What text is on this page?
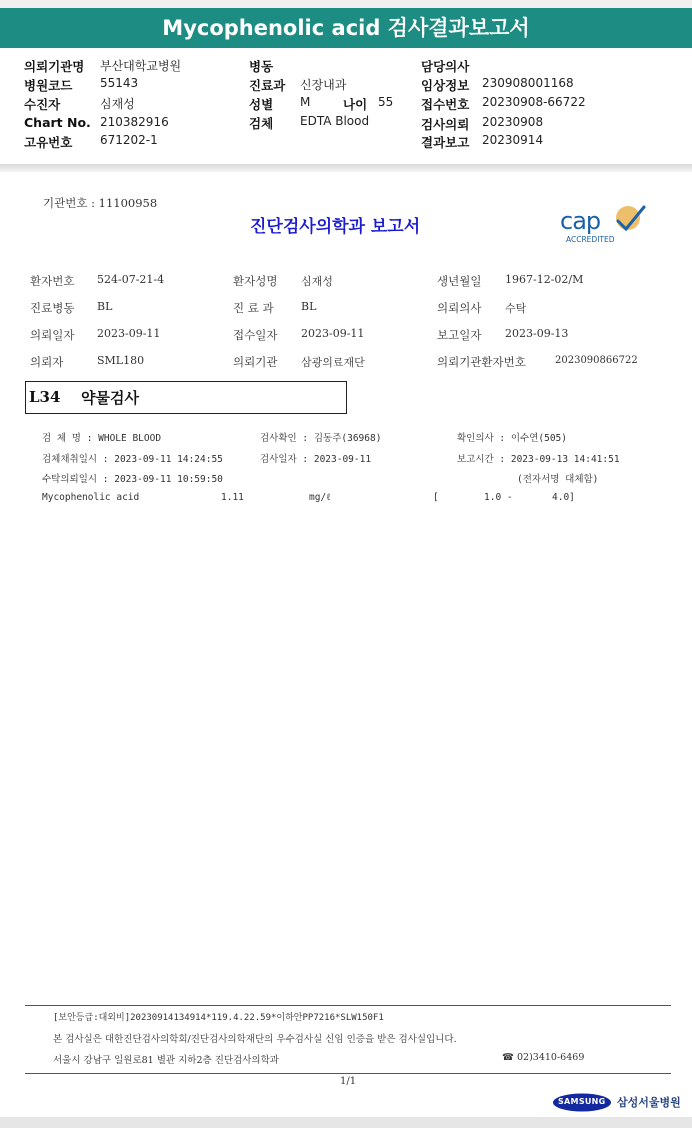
Mycophenolic acid 검사결과보고서
의뢰기관명 부산대학교병원
병원코드 55143
수진자	심재성
Chart No. 210382916
고유번호 671202-1
병동
진료과 신장내과
성별 M	나이 55
검체 EDTA Blood
담당의사
임상정보 230908001168
접수번호 20230908-66722
검사의뢰 20230908
결과보고 20230914
기관번호 : 11100958
진단검사의학과 보고서	cap
ACCREDITED
환자번호 524-07-21-4	환자성명 심재성	생년월일 1967-12-02/M
진료병동 BL	진 료 과 BL	의뢰의사 수탁
의뢰일자 2023-09-11	접수일자 2023-09-11	보고일자 2023-09-13
의뢰자	SML180	의뢰기관 삼광의료재단	의뢰기관환자번호	2023090866722
L34 약물검사
검 체 명 : WHOLE BLOOD	검사확인 : 김동주(36968)	확인의사 : 이수연(505)
검체채취일시 : 2023-09-11 14:24:55	검사일자 : 2023-09-11	보고시간 : 2023-09-13 14:41:51
수탁의뢰일시 : 2023-09-11 10:59:50	(전자서명 대체함)
Mycophenolic acid	1.11	mg/ℓ	[	1.0 -	4.0]
[보안등급:대외비]20230914134914*119.4.22.59*이하안PP7216*SLW150F1
본 검사실은 대한진단검사의학회/진단검사의학재단의 우수검사실 신임 인증을 받은 검사실입니다.
서울시 강남구 일원로81 별관 지하2층 진단검사의학과	☎ 02)3410-6469
1/1
SAMSUNG 삼성서울병원
